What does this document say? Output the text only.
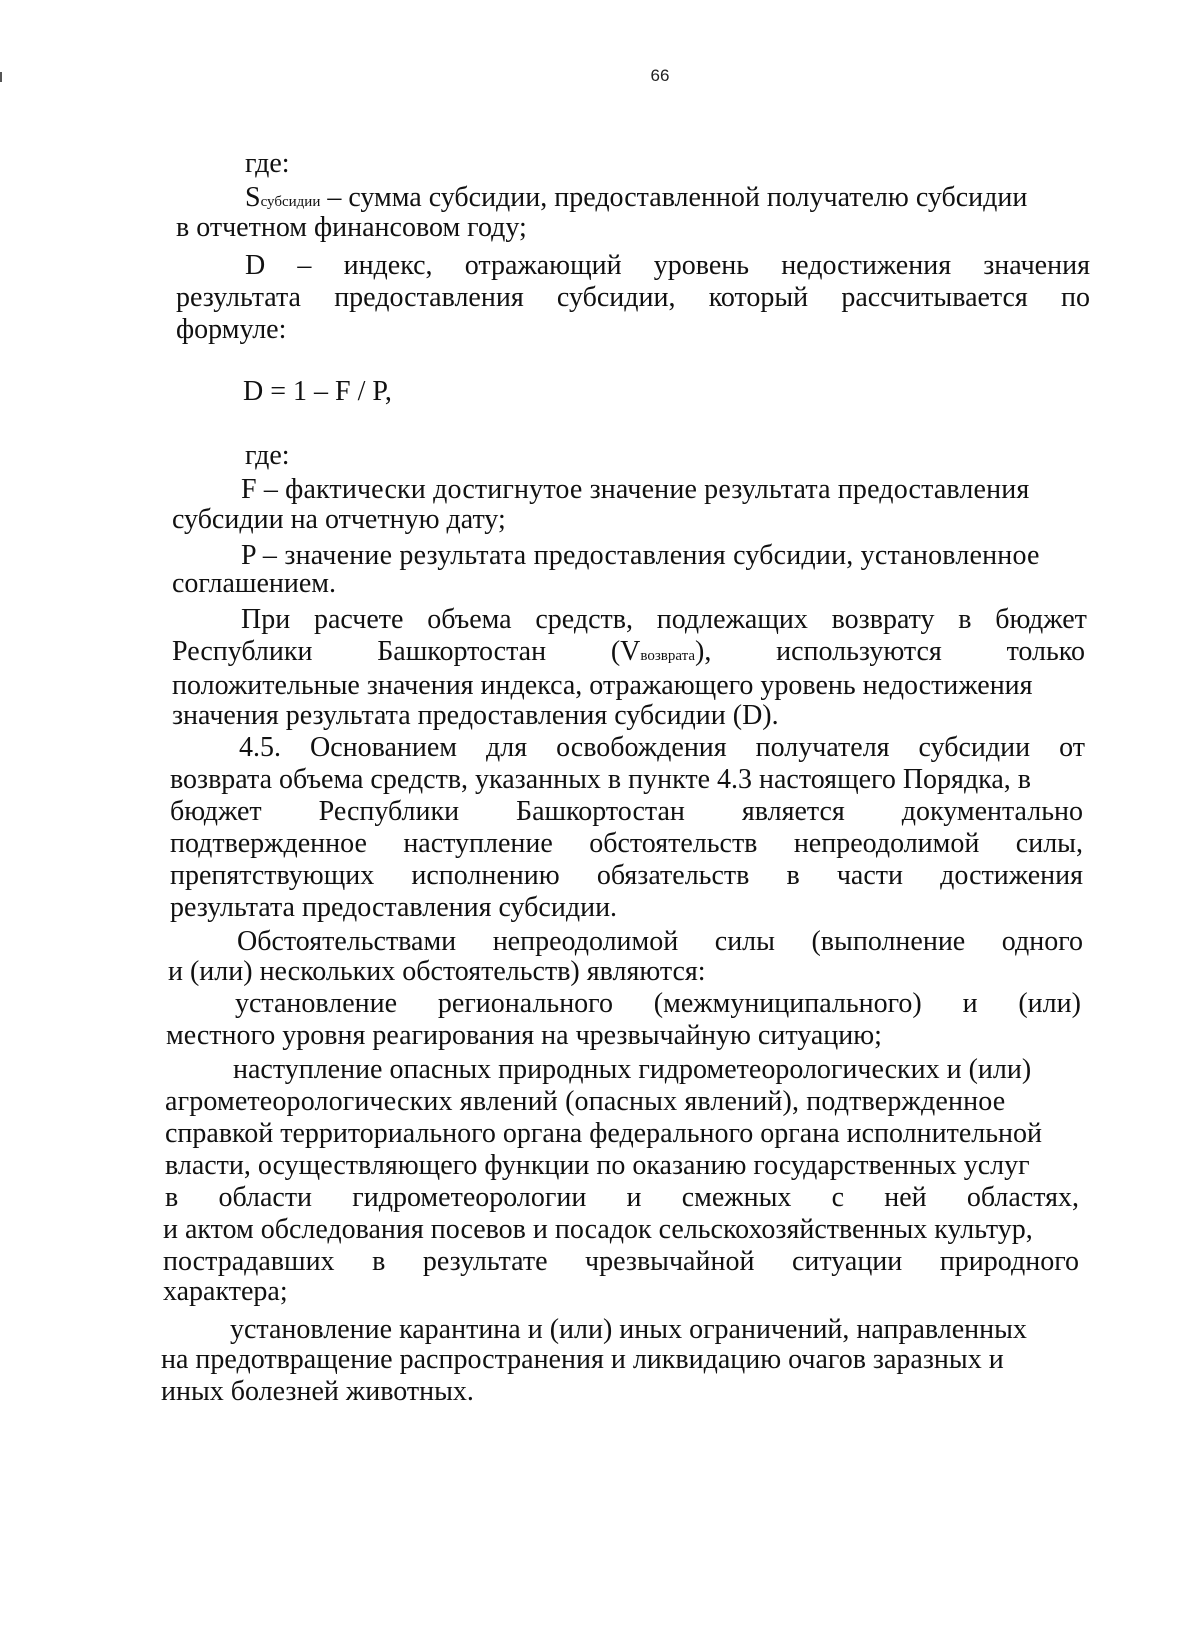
66
где:
Sсубсидии – сумма субсидии, предоставленной получателю субсидии
в отчетном финансовом году;
D – индекс, отражающий уровень недостижения значения
результата предоставления субсидии, который рассчитывается по
формуле:
D = 1 – F / P,
где:
F – фактически достигнутое значение результата предоставления
субсидии на отчетную дату;
P – значение результата предоставления субсидии, установленное
соглашением.
При расчете объема средств, подлежащих возврату в бюджет
Республики Башкортостан (Vвозврата), используются только
положительные значения индекса, отражающего уровень недостижения
значения результата предоставления субсидии (D).
4.5. Основанием для освобождения получателя субсидии от
возврата объема средств, указанных в пункте 4.3 настоящего Порядка, в
бюджет Республики Башкортостан является документально
подтвержденное наступление обстоятельств непреодолимой силы,
препятствующих исполнению обязательств в части достижения
результата предоставления субсидии.
Обстоятельствами непреодолимой силы (выполнение одного
и (или) нескольких обстоятельств) являются:
установление регионального (межмуниципального) и (или)
местного уровня реагирования на чрезвычайную ситуацию;
наступление опасных природных гидрометеорологических и (или)
агрометеорологических явлений (опасных явлений), подтвержденное
справкой территориального органа федерального органа исполнительной
власти, осуществляющего функции по оказанию государственных услуг
в области гидрометеорологии и смежных с ней областях,
и актом обследования посевов и посадок сельскохозяйственных культур,
пострадавших в результате чрезвычайной ситуации природного
характера;
установление карантина и (или) иных ограничений, направленных
на предотвращение распространения и ликвидацию очагов заразных и
иных болезней животных.
